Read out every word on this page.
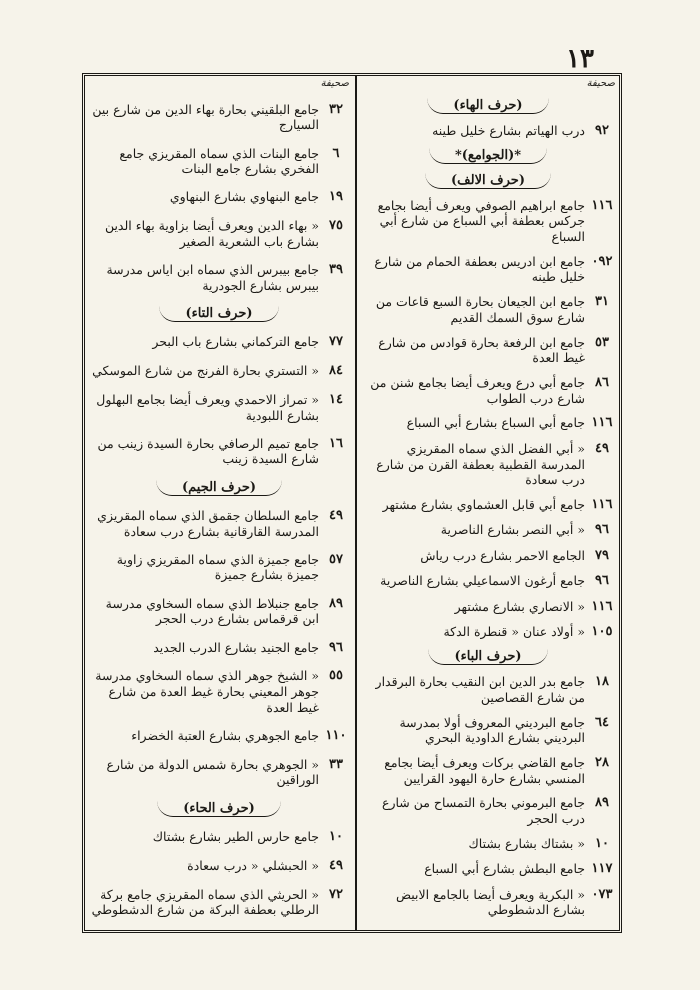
١٣
صحيفة
(حرف الهاء)
٩٢
درب الهياتم بشارع خليل طينه
*(الجوامع)*
(حرف الالف)
١١٦
جامع ابراهيم الصوفي ويعرف أيضا بجامع جركس بعطفة أبي السباع من شارع أبي السباع
٠٩٢
جامع ابن ادريس بعطفة الحمام من شارع خليل طينه
٣١
جامع ابن الجيعان بحارة السبع قاعات من شارع سوق السمك القديم
٥٣
جامع ابن الرفعة بحارة قوادس من شارع غيط العدة
٨٦
جامع أبي درع ويعرف أيضا بجامع شنن من شارع درب الطواب
١١٦
جامع أبي السباع بشارع أبي السباع
٤٩
« أبي الفضل الذي سماه المقريزي المدرسة القطبية بعطفة القرن من شارع درب سعادة
١١٦
جامع أبي قابل العشماوي بشارع مشتهر
٩٦
« أبي النصر بشارع الناصرية
٧٩
الجامع الاحمر بشارع درب رياش
٩٦
جامع أرغون الاسماعيلي بشارع الناصرية
١١٦
« الانصاري بشارع مشتهر
١٠٥
« أولاد عنان « قنطرة الدكة
(حرف الباء)
١٨
جامع بدر الدين ابن النقيب بحارة البرقدار من شارع القصاصين
٦٤
جامع البرديني المعروف أولا بمدرسة البرديني بشارع الداودية البحري
٢٨
جامع القاضي بركات ويعرف أيضا بجامع المنسي بشارع حارة اليهود القرايين
٨٩
جامع البرموني بحارة التمساح من شارع درب الحجر
١٠
« بشتاك بشارع بشتاك
١١٧
جامع البطش بشارع أبي السباع
٠٧٣
« البكرية ويعرف أيضا بالجامع الابيض بشارع الدشطوطي
صحيفة
٣٢
جامع البلقيني بحارة بهاء الدين من شارع بين السيارج
٦
جامع البنات الذي سماه المقريزي جامع الفخري بشارع جامع البنات
١٩
جامع البنهاوي بشارع البنهاوي
٧٥
« بهاء الدين ويعرف أيضا بزاوية بهاء الدين بشارع باب الشعرية الصغير
٣٩
جامع بيبرس الذي سماه ابن اياس مدرسة بيبرس بشارع الجودرية
(حرف التاء)
٧٧
جامع التركماني بشارع باب البحر
٨٤
« التستري بحارة الفرنج من شارع الموسكي
١٤
« تمراز الاحمدي ويعرف أيضا بجامع البهلول بشارع اللبودية
١٦
جامع تميم الرصافي بحارة السيدة زينب من شارع السيدة زينب
(حرف الجيم)
٤٩
جامع السلطان جقمق الذي سماه المقريزي المدرسة القارقانية بشارع درب سعادة
٥٧
جامع جميزة الذي سماه المقريزي زاوية جميزة بشارع جميزة
٨٩
جامع جنبلاط الذي سماه السخاوي مدرسة ابن قرقماس بشارع درب الحجر
٩٦
جامع الجنيد بشارع الدرب الجديد
٥٥
« الشيخ جوهر الذي سماه السخاوي مدرسة جوهر المعيني بحارة غيط العدة من شارع غيط العدة
١١٠
جامع الجوهري بشارع العتبة الخضراء
٣٣
« الجوهري بحارة شمس الدولة من شارع الوراقين
(حرف الحاء)
١٠
جامع حارس الطير بشارع بشتاك
٤٩
« الحبشلي « درب سعادة
٧٢
« الحريثي الذي سماه المقريزي جامع بركة الرطلي بعطفة البركة من شارع الدشطوطي
